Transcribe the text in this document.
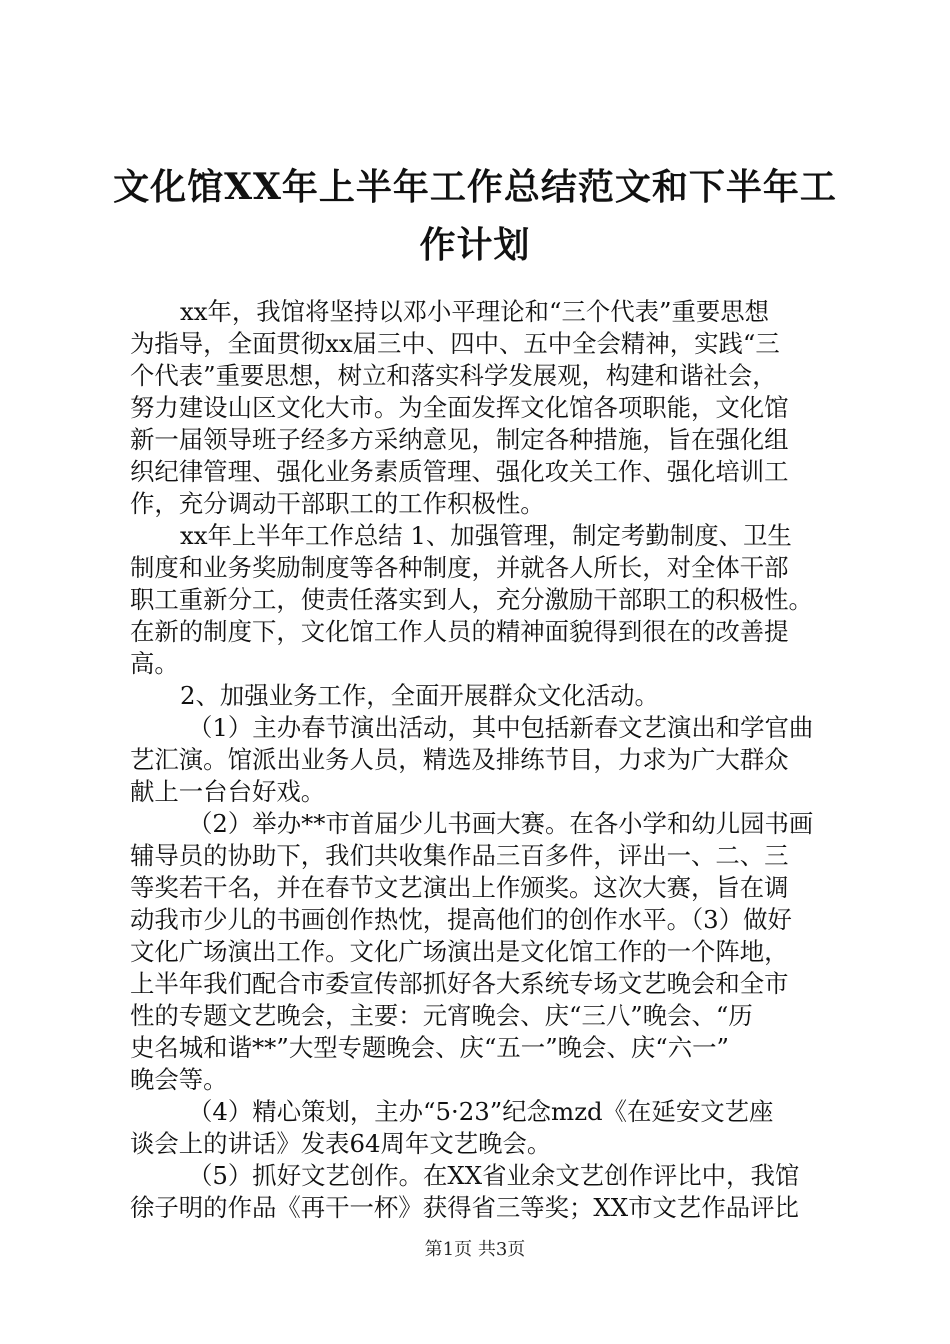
文化馆XX年上半年工作总结范文和下半年工
作计划
xx年，我馆将坚持以邓小平理论和“三个代表”重要思想
为指导，全面贯彻xx届三中、四中、五中全会精神，实践“三
个代表”重要思想，树立和落实科学发展观，构建和谐社会，
努力建设山区文化大市。为全面发挥文化馆各项职能，文化馆
新一届领导班子经多方采纳意见，制定各种措施，旨在强化组
织纪律管理、强化业务素质管理、强化攻关工作、强化培训工
作，充分调动干部职工的工作积极性。
xx年上半年工作总结 1、加强管理，制定考勤制度、卫生
制度和业务奖励制度等各种制度，并就各人所长，对全体干部
职工重新分工，使责任落实到人，充分激励干部职工的积极性。
在新的制度下，文化馆工作人员的精神面貌得到很在的改善提
高。
2、加强业务工作，全面开展群众文化活动。
（1）主办春节演出活动，其中包括新春文艺演出和学官曲
艺汇演。馆派出业务人员，精选及排练节目，力求为广大群众
献上一台台好戏。
（2）举办**市首届少儿书画大赛。在各小学和幼儿园书画
辅导员的协助下，我们共收集作品三百多件，评出一、二、三
等奖若干名，并在春节文艺演出上作颁奖。这次大赛，旨在调
动我市少儿的书画创作热忱，提高他们的创作水平。（3）做好
文化广场演出工作。文化广场演出是文化馆工作的一个阵地，
上半年我们配合市委宣传部抓好各大系统专场文艺晚会和全市
性的专题文艺晚会，主要：元宵晚会、庆“三八”晚会、“历
史名城和谐**”大型专题晚会、庆“五一”晚会、庆“六一”
晚会等。
（4）精心策划，主办“5·23”纪念mzd《在延安文艺座
谈会上的讲话》发表64周年文艺晚会。
（5）抓好文艺创作。在XX省业余文艺创作评比中，我馆
徐子明的作品《再干一杯》获得省三等奖；XX市文艺作品评比
第1页 共3页
